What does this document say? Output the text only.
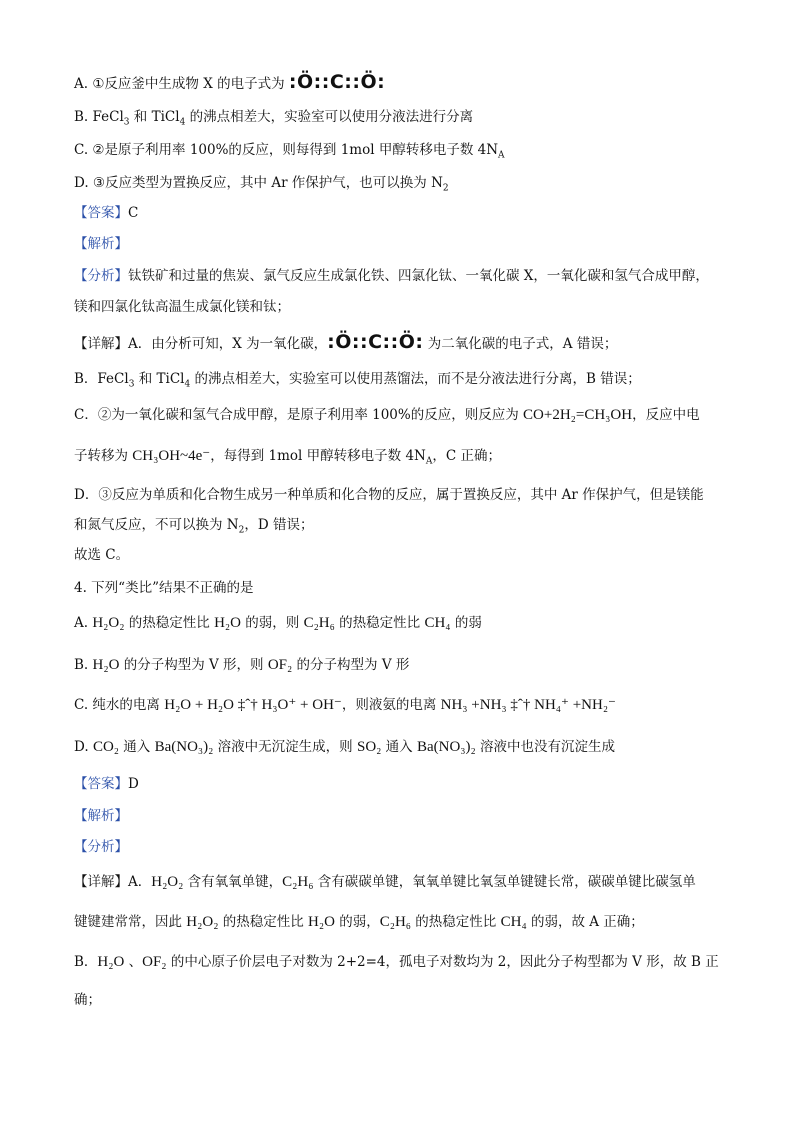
A. ①反应釜中生成物 X 的电子式为 :Ö::C::Ö:
B. FeCl$_3$ 和 TiCl$_4$ 的沸点相差大，实验室可以使用分液法进行分离
C. ②是原子利用率 100%的反应，则每得到 1mol 甲醇转移电子数 $4N_A$
D. ③反应类型为置换反应，其中 Ar 作保护气，也可以换为 $N_2$
【答案】C
【解析】
【分析】钛铁矿和过量的焦炭、氯气反应生成氯化铁、四氯化钛、一氧化碳 X，一氧化碳和氢气合成甲醇，
镁和四氯化钛高温生成氯化镁和钛；
【详解】A．由分析可知，X 为一氧化碳，:Ö::C::Ö: 为二氧化碳的电子式，A 错误；
B．FeCl$_3$ 和 TiCl$_4$ 的沸点相差大，实验室可以使用蒸馏法，而不是分液法进行分离，B 错误；
C．②为一氧化碳和氢气合成甲醇，是原子利用率 100%的反应，则反应为 CO+2H₂=CH₃OH，反应中电
子转移为 CH₃OH~4e⁻，每得到 1mol 甲醇转移电子数 $4N_A$，C 正确；
D．③反应为单质和化合物生成另一种单质和化合物的反应，属于置换反应，其中 Ar 作保护气，但是镁能
和氮气反应，不可以换为 $N_2$，D 错误；
故选 C。
4. 下列“类比”结果不正确的是
A. H₂O₂ 的热稳定性比 H₂O 的弱，则 C₂H₆ 的热稳定性比 CH₄ 的弱
B. H₂O 的分子构型为 V 形，则 OF₂ 的分子构型为 V 形
C. 纯水的电离 H₂O + H₂O ‡ˆ† H₃O⁺ + OH⁻，则液氨的电离 NH₃ +NH₃ ‡ˆ† NH₄⁺ +NH₂⁻
D. CO₂ 通入 Ba(NO₃)₂ 溶液中无沉淀生成，则 SO₂ 通入 Ba(NO₃)₂ 溶液中也没有沉淀生成
【答案】D
【解析】
【分析】
【详解】A．H₂O₂ 含有氧氧单键，C₂H₆ 含有碳碳单键，氧氧单键比氧氢单键键长常，碳碳单键比碳氢单
键键建常常，因此 H₂O₂ 的热稳定性比 H₂O 的弱，C₂H₆ 的热稳定性比 CH₄ 的弱，故 A 正确；
B．H₂O 、OF₂ 的中心原子价层电子对数为 2+2=4，孤电子对数均为 2，因此分子构型都为 V 形，故 B 正
确；
